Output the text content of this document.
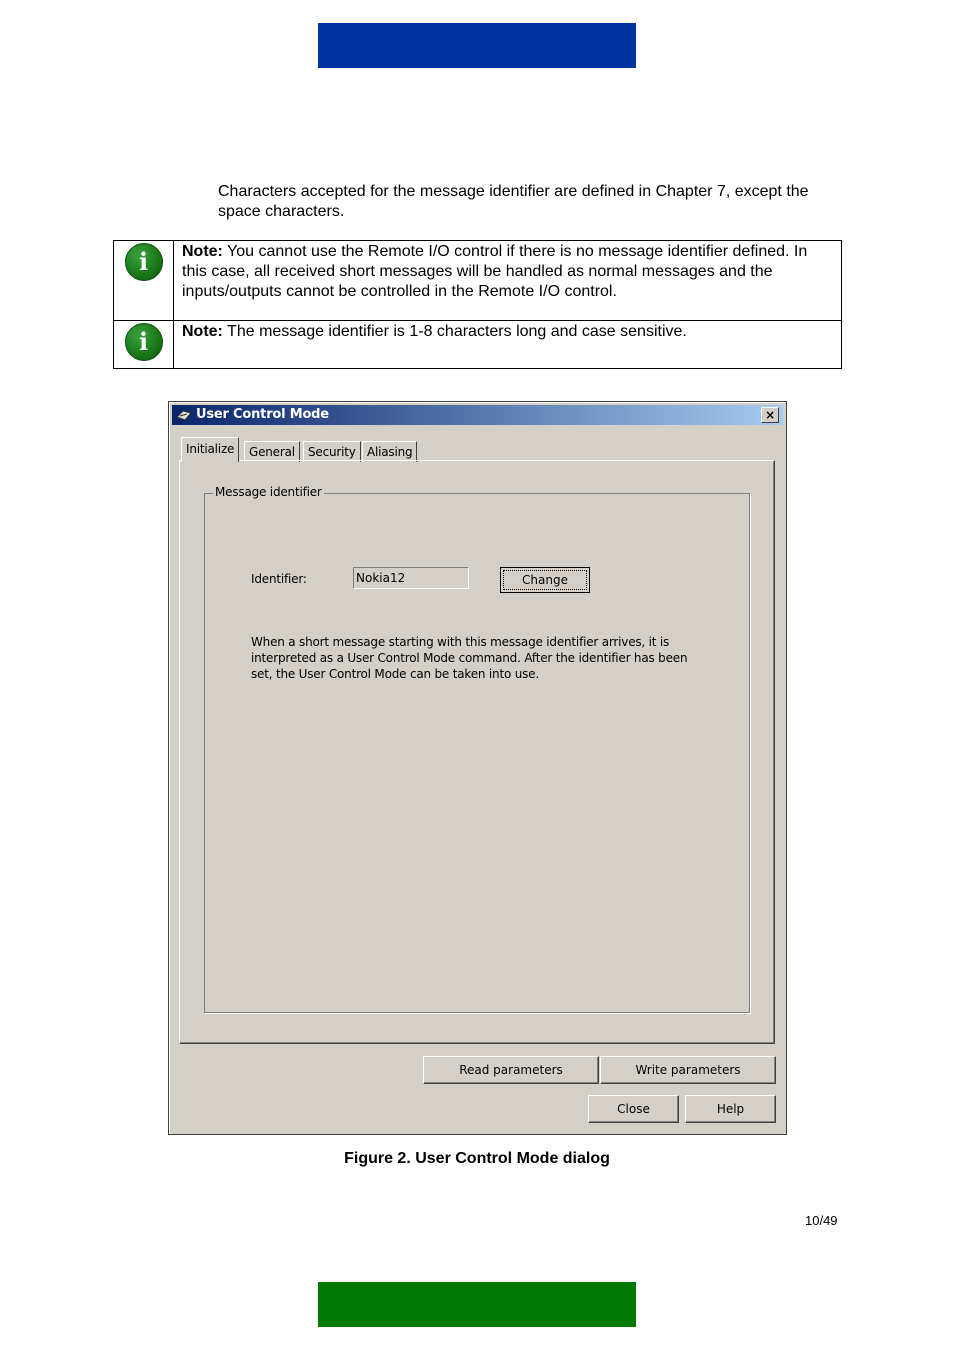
Characters accepted for the message identifier are defined in Chapter 7, except the space characters.
i	Note: You cannot use the Remote I/O control if there is no message identifier defined. In this case, all received short messages will be handled as normal messages and the inputs/outputs cannot be controlled in the Remote I/O control.
i	Note: The message identifier is 1-8 characters long and case sensitive.
User Control Mode	×
Initialize	General	Security Aliasing
Message identifier
Identifier:
Nokia12	Change
When a short message starting with this message identifier arrives, it is interpreted as a User Control Mode command. After the identifier has been set, the User Control Mode can be taken into use.
Read parameters	Write parameters
Close	Help
Figure 2. User Control Mode dialog
10/49
